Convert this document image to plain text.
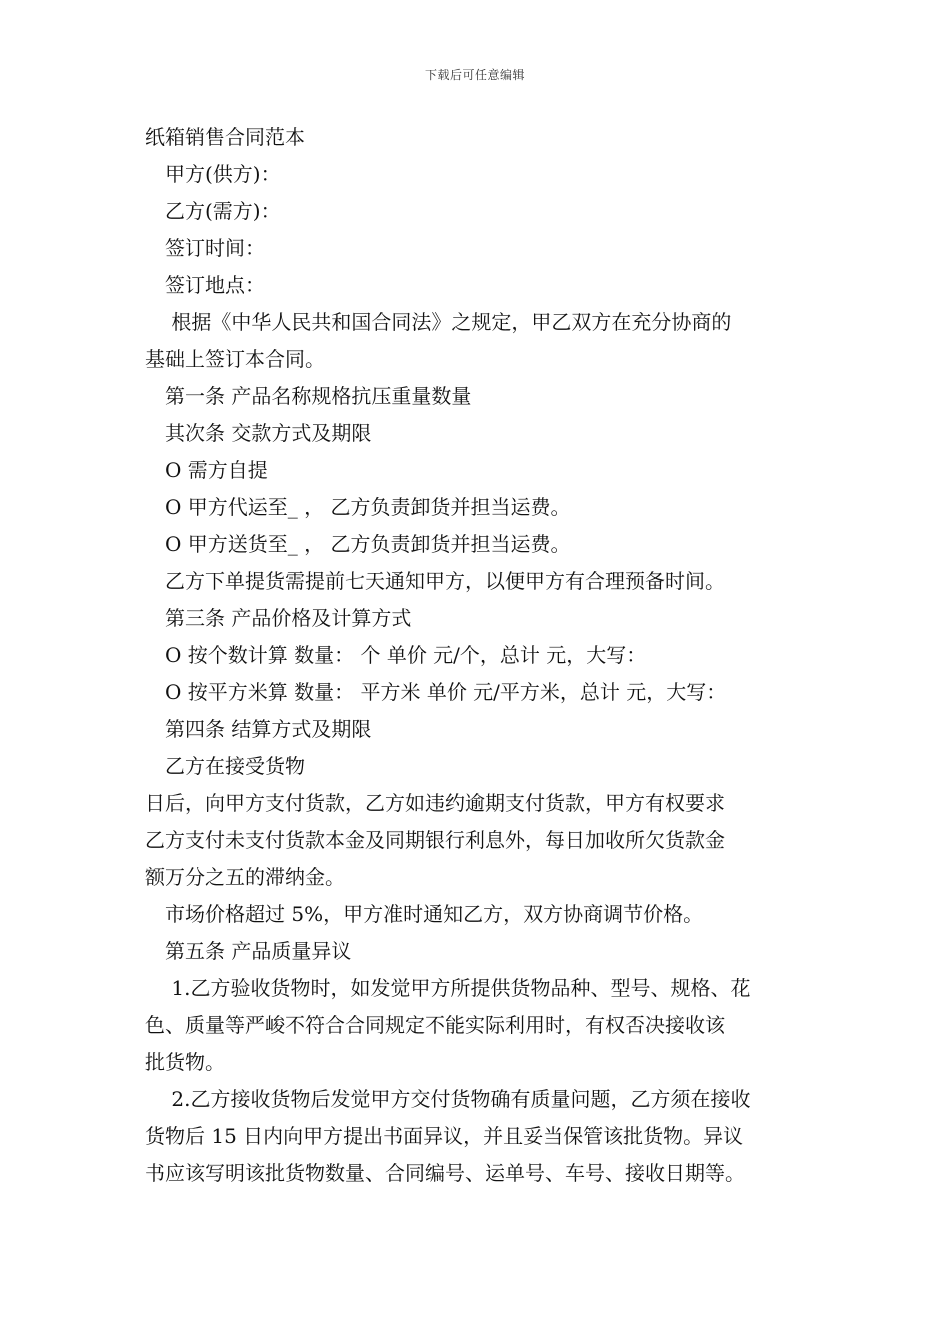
下载后可任意编辑

纸箱销售合同范本

甲方(供方)：

乙方(需方)：

签订时间：

签订地点：

根据《中华人民共和国合同法》之规定，甲乙双方在充分协商的

基础上签订本合同。

第一条 产品名称规格抗压重量数量

其次条 交款方式及期限

O 需方自提

O 甲方代运至_ ， 乙方负责卸货并担当运费。

O 甲方送货至_ ， 乙方负责卸货并担当运费。

乙方下单提货需提前七天通知甲方，以便甲方有合理预备时间。

第三条 产品价格及计算方式

O 按个数计算 数量： 个 单价 元/个，总计 元，大写：

O 按平方米算 数量： 平方米 单价 元/平方米，总计 元，大写：

第四条 结算方式及期限

乙方在接受货物

日后，向甲方支付货款，乙方如违约逾期支付货款，甲方有权要求

乙方支付未支付货款本金及同期银行利息外，每日加收所欠货款金

额万分之五的滞纳金。

市场价格超过 5%，甲方准时通知乙方，双方协商调节价格。

第五条 产品质量异议

1.乙方验收货物时，如发觉甲方所提供货物品种、型号、规格、花

色、质量等严峻不符合合同规定不能实际利用时，有权否决接收该

批货物。

2.乙方接收货物后发觉甲方交付货物确有质量问题，乙方须在接收

货物后 15 日内向甲方提出书面异议，并且妥当保管该批货物。异议

书应该写明该批货物数量、合同编号、运单号、车号、接收日期等。
